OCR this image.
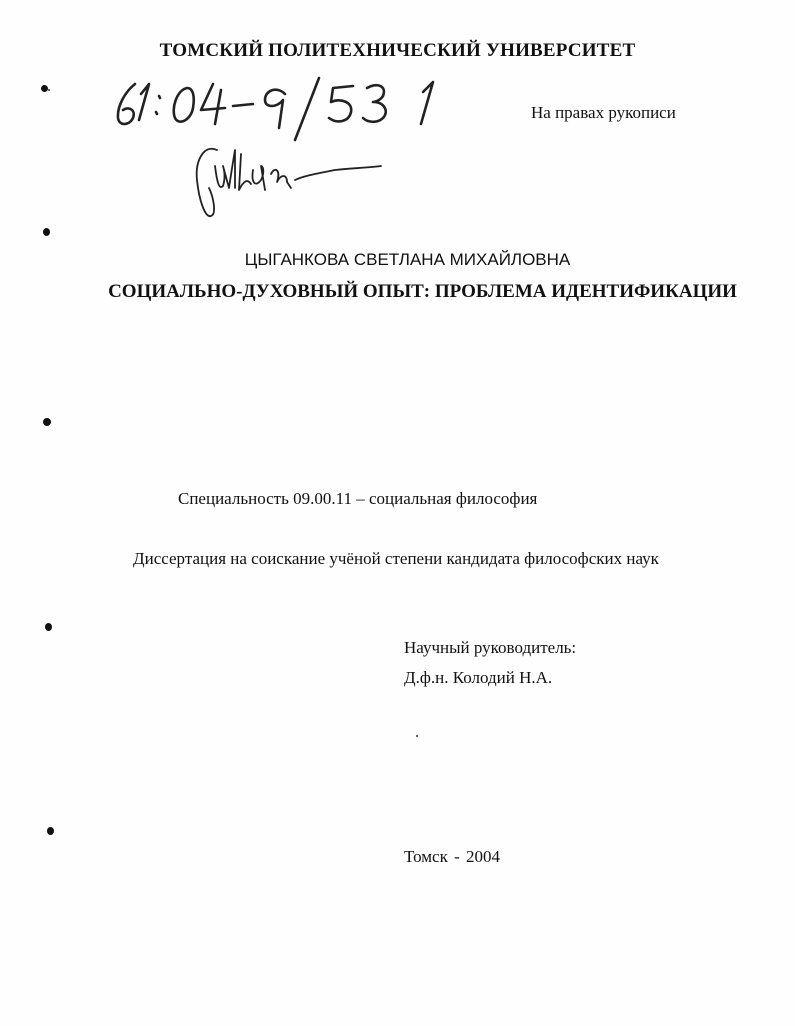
ТОМСКИЙ ПОЛИТЕХНИЧЕСКИЙ УНИВЕРСИТЕТ
На правах рукописи
ЦЫГАНКОВА СВЕТЛАНА МИХАЙЛОВНА
СОЦИАЛЬНО-ДУХОВНЫЙ ОПЫТ: ПРОБЛЕМА ИДЕНТИФИКАЦИИ
Специальность 09.00.11 – социальная философия
Диссертация на соискание учёной степени кандидата философских наук
Научный руководитель:
Д.ф.н. Колодий Н.А.
Томск - 2004
